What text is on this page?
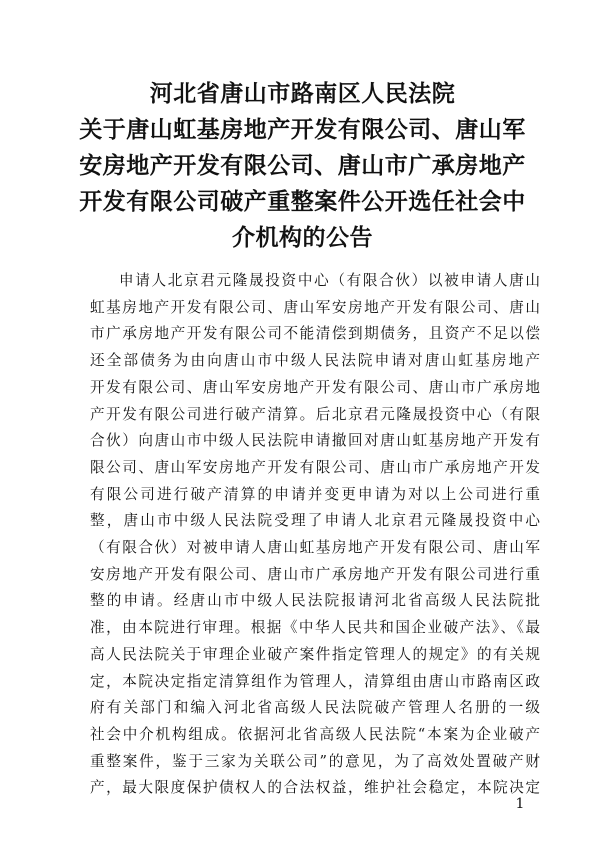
河北省唐山市路南区人民法院
关于唐山虹基房地产开发有限公司、唐山军
安房地产开发有限公司、唐山市广承房地产
开发有限公司破产重整案件公开选任社会中
介机构的公告
申请人北京君元隆晟投资中心（有限合伙）以被申请人唐山
虹基房地产开发有限公司、唐山军安房地产开发有限公司、唐山
市广承房地产开发有限公司不能清偿到期债务，且资产不足以偿
还全部债务为由向唐山市中级人民法院申请对唐山虹基房地产
开发有限公司、唐山军安房地产开发有限公司、唐山市广承房地
产开发有限公司进行破产清算。后北京君元隆晟投资中心（有限
合伙）向唐山市中级人民法院申请撤回对唐山虹基房地产开发有
限公司、唐山军安房地产开发有限公司、唐山市广承房地产开发
有限公司进行破产清算的申请并变更申请为对以上公司进行重
整，唐山市中级人民法院受理了申请人北京君元隆晟投资中心
（有限合伙）对被申请人唐山虹基房地产开发有限公司、唐山军
安房地产开发有限公司、唐山市广承房地产开发有限公司进行重
整的申请。经唐山市中级人民法院报请河北省高级人民法院批
准，由本院进行审理。根据《中华人民共和国企业破产法》、《最
高人民法院关于审理企业破产案件指定管理人的规定》的有关规
定，本院决定指定清算组作为管理人，清算组由唐山市路南区政
府有关部门和编入河北省高级人民法院破产管理人名册的一级
社会中介机构组成。依据河北省高级人民法院“本案为企业破产
重整案件，鉴于三家为关联公司”的意见，为了高效处置破产财
产，最大限度保护债权人的合法权益，维护社会稳定，本院决定
1
